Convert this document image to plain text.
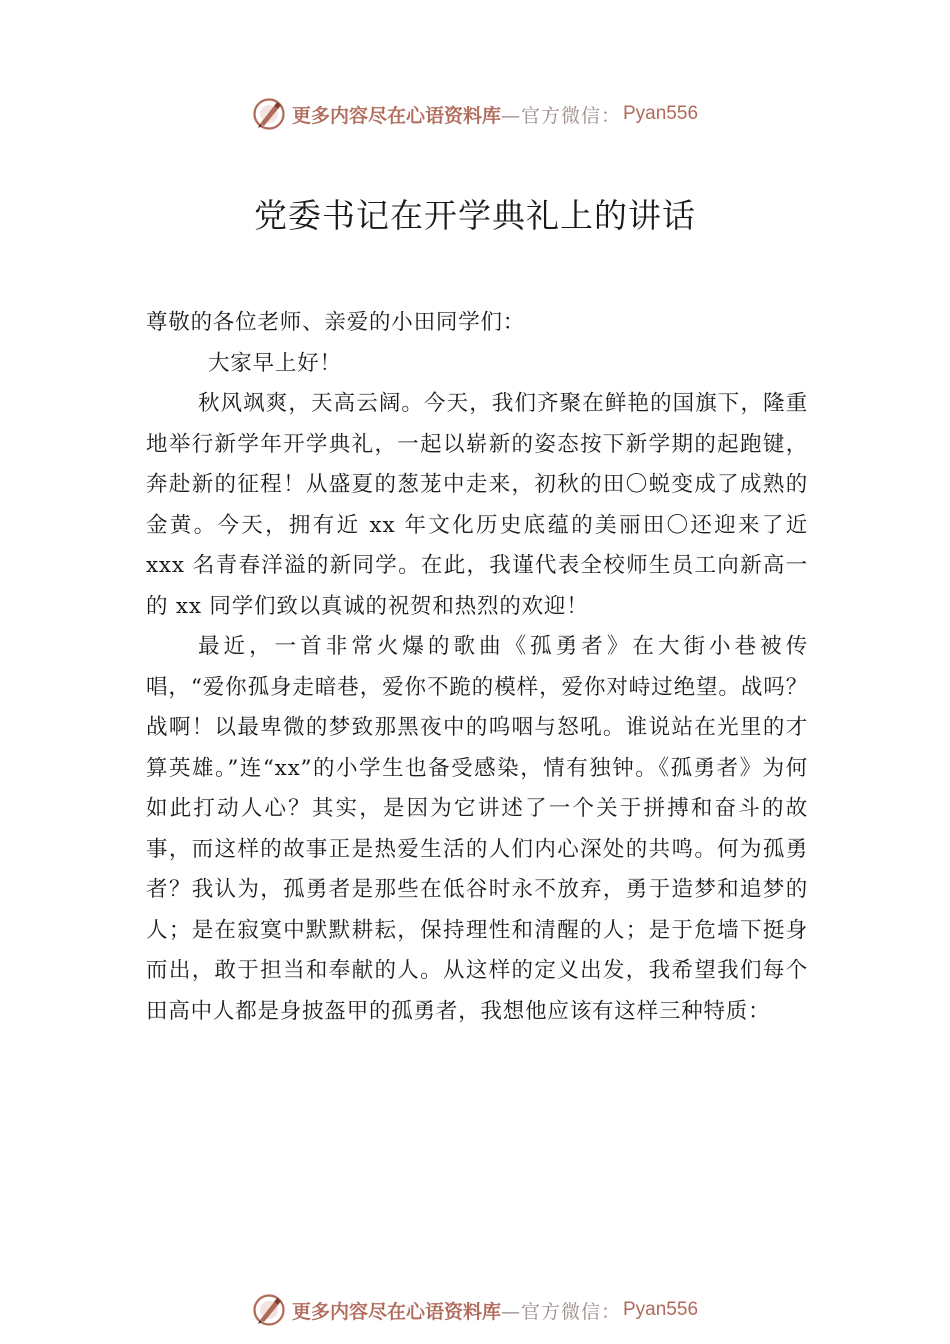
更多内容尽在心语资料库 —官方微信： Pyan556
党委书记在开学典礼上的讲话

尊敬的各位老师、亲爱的小田同学们：

大家早上好！

秋风飒爽，天高云阔。今天，我们齐聚在鲜艳的国旗下，隆重地举行新学年开学典礼，一起以崭新的姿态按下新学期的起跑键，奔赴新的征程！从盛夏的葱茏中走来，初秋的田〇蜕变成了成熟的金黄。今天，拥有近 xx 年文化历史底蕴的美丽田〇还迎来了近 xxx 名青春洋溢的新同学。在此，我谨代表全校师生员工向新高一的 xx 同学们致以真诚的祝贺和热烈的欢迎！

最近，一首非常火爆的歌曲《孤勇者》在大街小巷被传唱，“爱你孤身走暗巷，爱你不跪的模样，爱你对峙过绝望。战吗？战啊！以最卑微的梦致那黑夜中的呜咽与怒吼。谁说站在光里的才算英雄。”连“xx”的小学生也备受感染，情有独钟。《孤勇者》为何如此打动人心？其实，是因为它讲述了一个关于拼搏和奋斗的故事，而这样的故事正是热爱生活的人们内心深处的共鸣。何为孤勇者？我认为，孤勇者是那些在低谷时永不放弃，勇于造梦和追梦的人；是在寂寞中默默耕耘，保持理性和清醒的人；是于危墙下挺身而出，敢于担当和奉献的人。从这样的定义出发，我希望我们每个田高中人都是身披盔甲的孤勇者，我想他应该有这样三种特质：

更多内容尽在心语资料库 —官方微信： Pyan556
